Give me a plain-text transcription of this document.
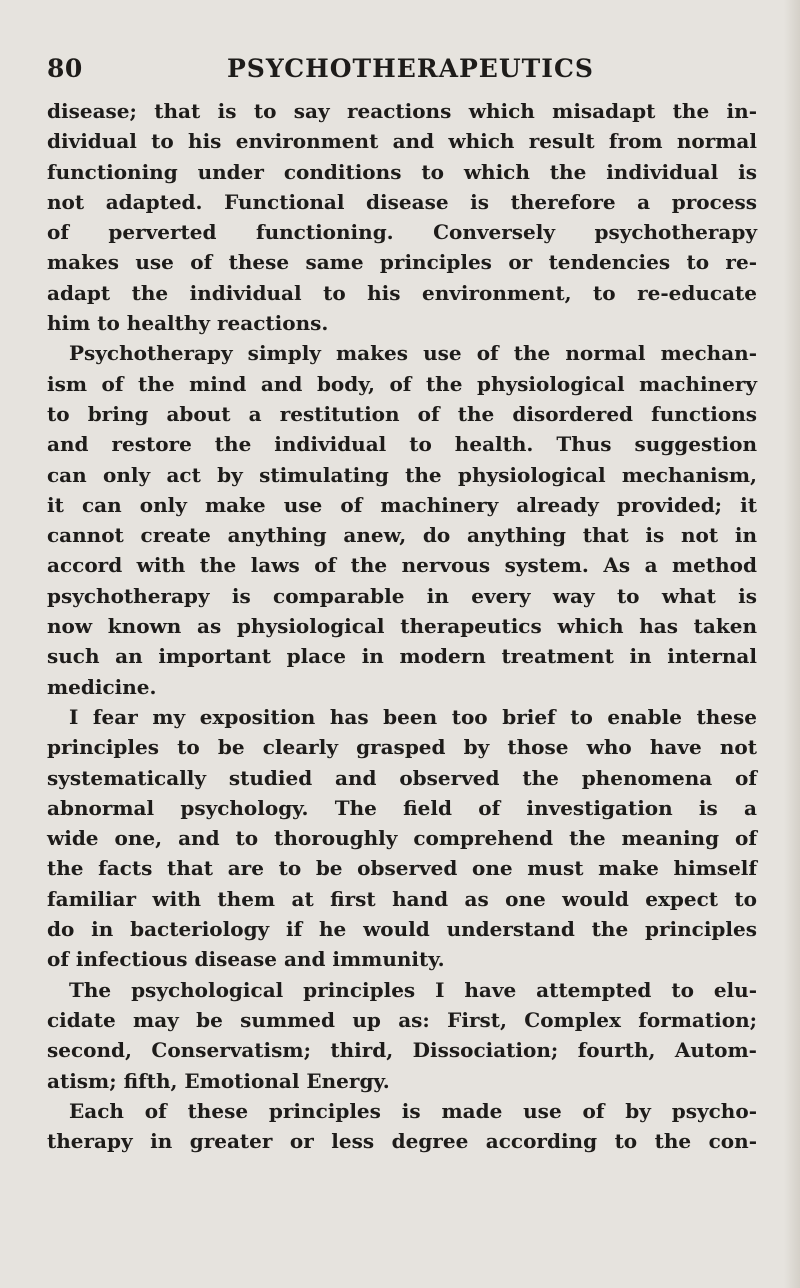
80	PSYCHOTHERAPEUTICS
disease; that is to say reactions which misadapt the in-
dividual to his environment and which result from normal
functioning under conditions to which the individual is
not adapted. Functional disease is therefore a process
of perverted functioning. Conversely psychotherapy
makes use of these same principles or tendencies to re-
adapt the individual to his environment, to re-educate
him to healthy reactions.
Psychotherapy simply makes use of the normal mechan-
ism of the mind and body, of the physiological machinery
to bring about a restitution of the disordered functions
and restore the individual to health. Thus suggestion
can only act by stimulating the physiological mechanism,
it can only make use of machinery already provided; it
cannot create anything anew, do anything that is not in
accord with the laws of the nervous system. As a method
psychotherapy is comparable in every way to what is
now known as physiological therapeutics which has taken
such an important place in modern treatment in internal
medicine.
I fear my exposition has been too brief to enable these
principles to be clearly grasped by those who have not
systematically studied and observed the phenomena of
abnormal psychology. The field of investigation is a
wide one, and to thoroughly comprehend the meaning of
the facts that are to be observed one must make himself
familiar with them at first hand as one would expect to
do in bacteriology if he would understand the principles
of infectious disease and immunity.
The psychological principles I have attempted to elu-
cidate may be summed up as: First, Complex formation;
second, Conservatism; third, Dissociation; fourth, Autom-
atism; fifth, Emotional Energy.
Each of these principles is made use of by psycho-
therapy in greater or less degree according to the con-
